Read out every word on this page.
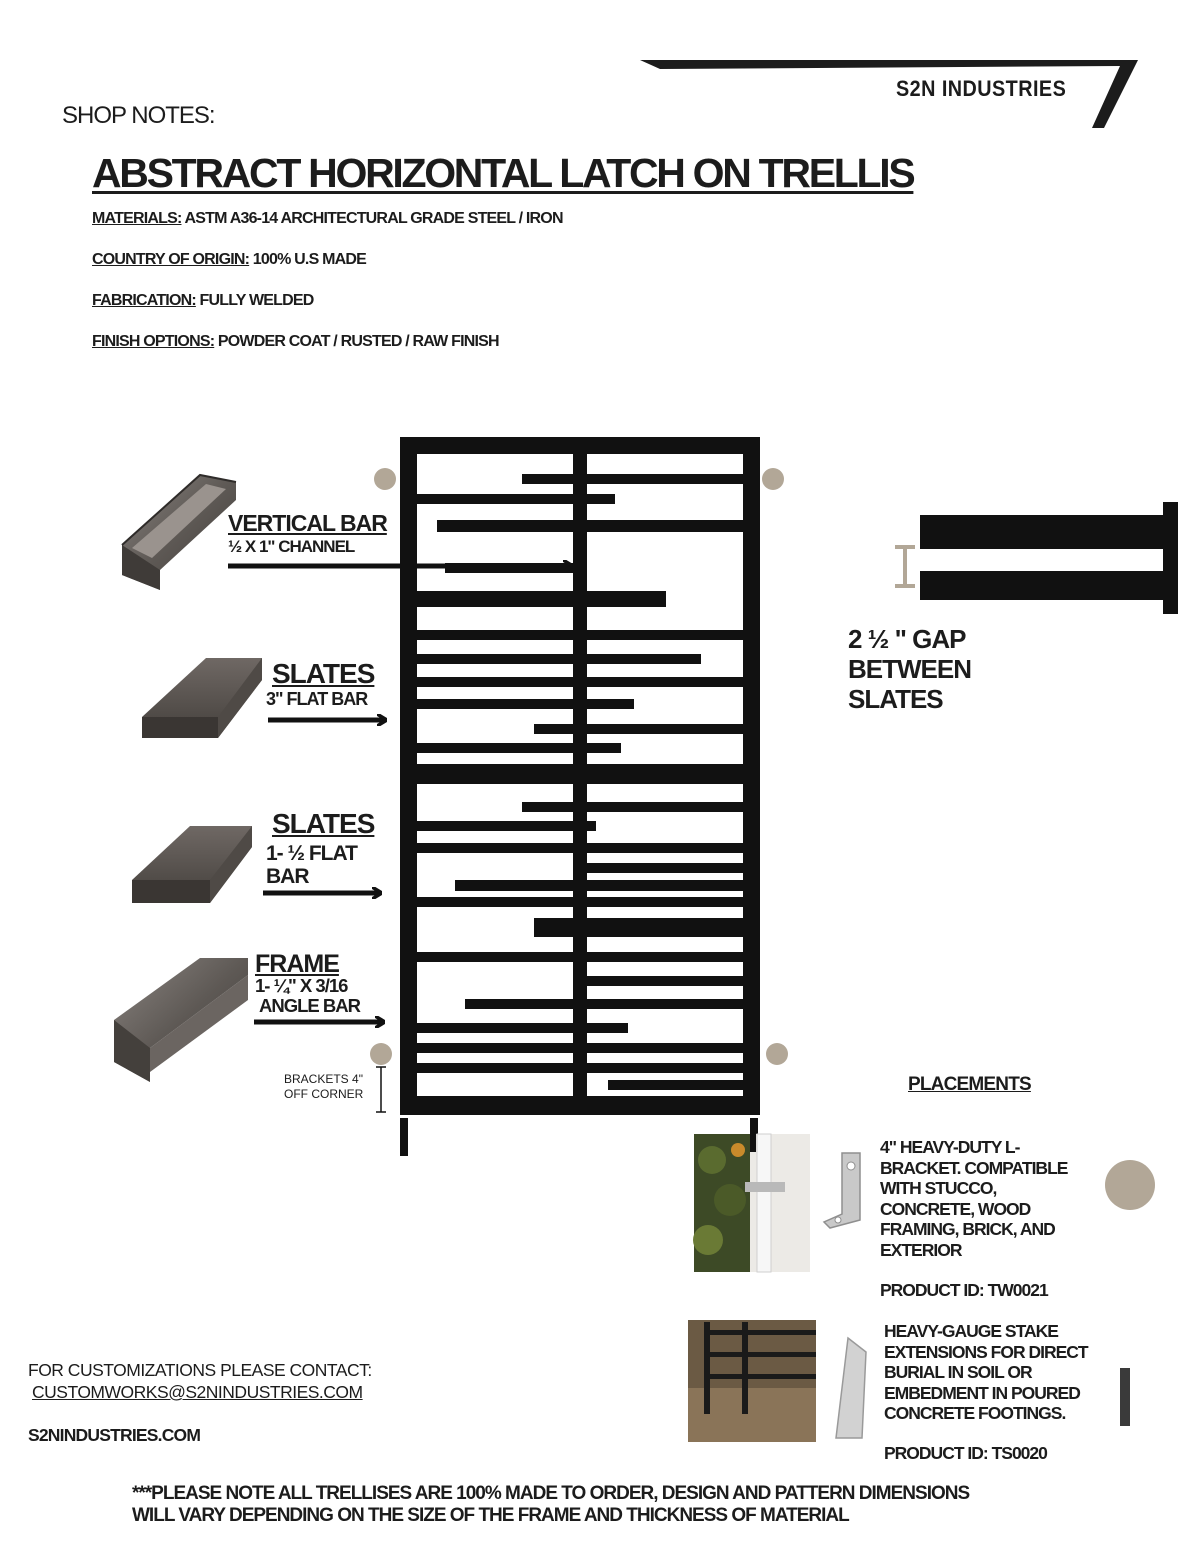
S2N INDUSTRIES
SHOP NOTES:
ABSTRACT HORIZONTAL LATCH ON TRELLIS
MATERIALS: ASTM A36-14 ARCHITECTURAL GRADE STEEL / IRON
COUNTRY OF ORIGIN: 100% U.S MADE
FABRICATION: FULLY WELDED
FINISH OPTIONS: POWDER COAT / RUSTED / RAW FINISH
VERTICAL BAR
½ X 1" CHANNEL
SLATES
3" FLAT BAR
SLATES
1- ½ FLAT
BAR
FRAME
1- ¼" X 3/16
ANGLE BAR
BRACKETS 4"
OFF CORNER
2 ½ " GAP
BETWEEN
SLATES
PLACEMENTS
4" HEAVY-DUTY L-
BRACKET. COMPATIBLE
WITH STUCCO,
CONCRETE, WOOD
FRAMING, BRICK, AND
EXTERIOR
PRODUCT ID: TW0021
HEAVY-GAUGE STAKE
EXTENSIONS FOR DIRECT
BURIAL IN SOIL OR
EMBEDMENT IN POURED
CONCRETE FOOTINGS.
PRODUCT ID: TS0020
FOR CUSTOMIZATIONS PLEASE CONTACT:
CUSTOMWORKS@S2NINDUSTRIES.COM
S2NINDUSTRIES.COM
***PLEASE NOTE ALL TRELLISES ARE 100% MADE TO ORDER, DESIGN AND PATTERN DIMENSIONS
WILL VARY DEPENDING ON THE SIZE OF THE FRAME AND THICKNESS OF MATERIAL
